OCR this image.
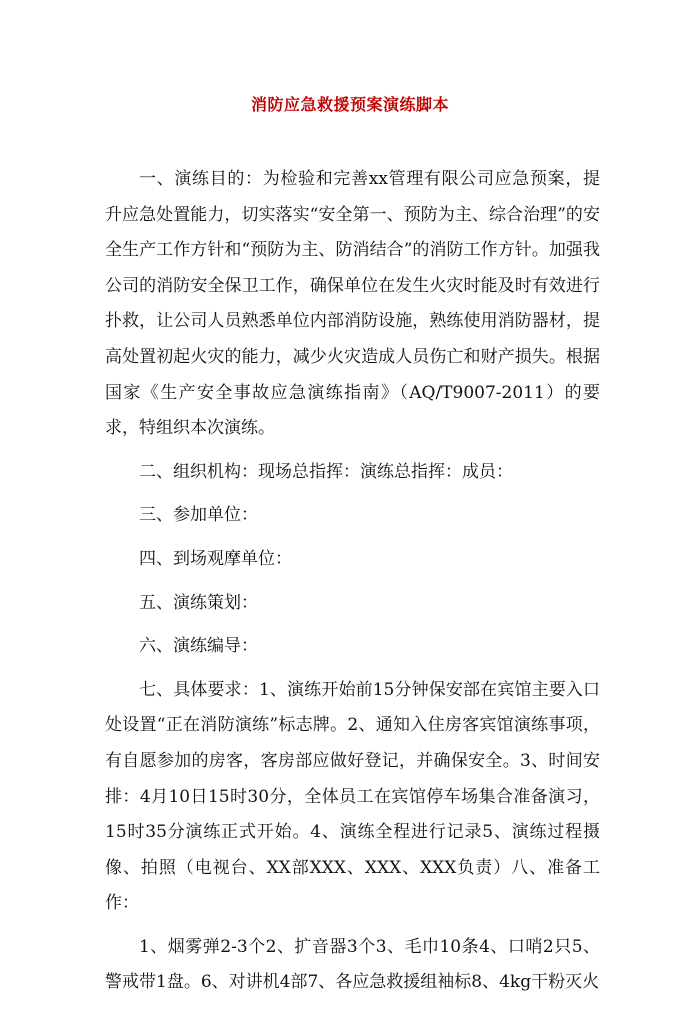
消防应急救援预案演练脚本

一、演练目的：为检验和完善xx管理有限公司应急预案，提升应急处置能力，切实落实“安全第一、预防为主、综合治理”的安全生产工作方针和“预防为主、防消结合”的消防工作方针。加强我公司的消防安全保卫工作，确保单位在发生火灾时能及时有效进行扑救，让公司人员熟悉单位内部消防设施，熟练使用消防器材，提高处置初起火灾的能力，减少火灾造成人员伤亡和财产损失。根据国家《生产安全事故应急演练指南》（AQ/T9007-2011）的要求，特组织本次演练。

二、组织机构：现场总指挥：演练总指挥：成员：

三、参加单位：

四、到场观摩单位：

五、演练策划：

六、演练编导：

七、具体要求：1、演练开始前15分钟保安部在宾馆主要入口处设置“正在消防演练”标志牌。2、通知入住房客宾馆演练事项，有自愿参加的房客，客房部应做好登记，并确保安全。3、时间安排：4月10日15时30分，全体员工在宾馆停车场集合准备演习，15时35分演练正式开始。4、演练全程进行记录5、演练过程摄像、拍照（电视台、XX部XXX、XXX、XXX负责）八、准备工作：

1、烟雾弹2-3个2、扩音器3个3、毛巾10条4、口哨2只5、警戒带1盘。6、对讲机4部7、各应急救援组袖标8、4kg干粉灭火
